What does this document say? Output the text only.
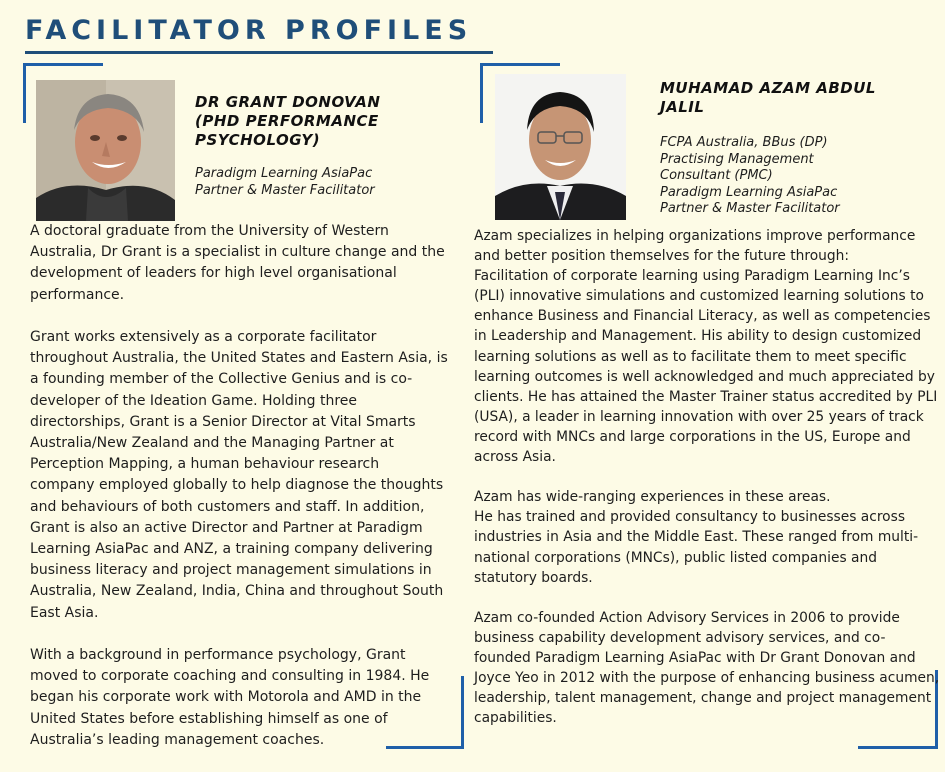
FACILITATOR PROFILES
DR GRANT DONOVAN
(PHD PERFORMANCE
PSYCHOLOGY)
Paradigm Learning AsiaPac
Partner & Master Facilitator

A doctoral graduate from the University of Western Australia, Dr Grant is a specialist in culture change and the development of leaders for high level organisational performance.

Grant works extensively as a corporate facilitator throughout Australia, the United States and Eastern Asia, is a founding member of the Collective Genius and is co-developer of the Ideation Game. Holding three directorships, Grant is a Senior Director at Vital Smarts Australia/New Zealand and the Managing Partner at Perception Mapping, a human behaviour research company employed globally to help diagnose the thoughts and behaviours of both customers and staff. In addition, Grant is also an active Director and Partner at Paradigm Learning AsiaPac and ANZ, a training company delivering business literacy and project management simulations in Australia, New Zealand, India, China and throughout South East Asia.

With a background in performance psychology, Grant moved to corporate coaching and consulting in 1984. He began his corporate work with Motorola and AMD in the United States before establishing himself as one of Australia’s leading management coaches.

MUHAMAD AZAM ABDUL
JALIL
FCPA Australia, BBus (DP)
Practising Management
Consultant (PMC)
Paradigm Learning AsiaPac
Partner & Master Facilitator

Azam specializes in helping organizations improve performance and better position themselves for the future through:
Facilitation of corporate learning using Paradigm Learning Inc’s (PLI) innovative simulations and customized learning solutions to enhance Business and Financial Literacy, as well as competencies in Leadership and Management. His ability to design customized learning solutions as well as to facilitate them to meet specific learning outcomes is well acknowledged and much appreciated by clients. He has attained the Master Trainer status accredited by PLI (USA), a leader in learning innovation with over 25 years of track record with MNCs and large corporations in the US, Europe and across Asia.

Azam has wide-ranging experiences in these areas.
He has trained and provided consultancy to businesses across industries in Asia and the Middle East. These ranged from multi-national corporations (MNCs), public listed companies and statutory boards.

Azam co-founded Action Advisory Services in 2006 to provide business capability development advisory services, and co-founded Paradigm Learning AsiaPac with Dr Grant Donovan and Joyce Yeo in 2012 with the purpose of enhancing business acumen, leadership, talent management, change and project management capabilities.
